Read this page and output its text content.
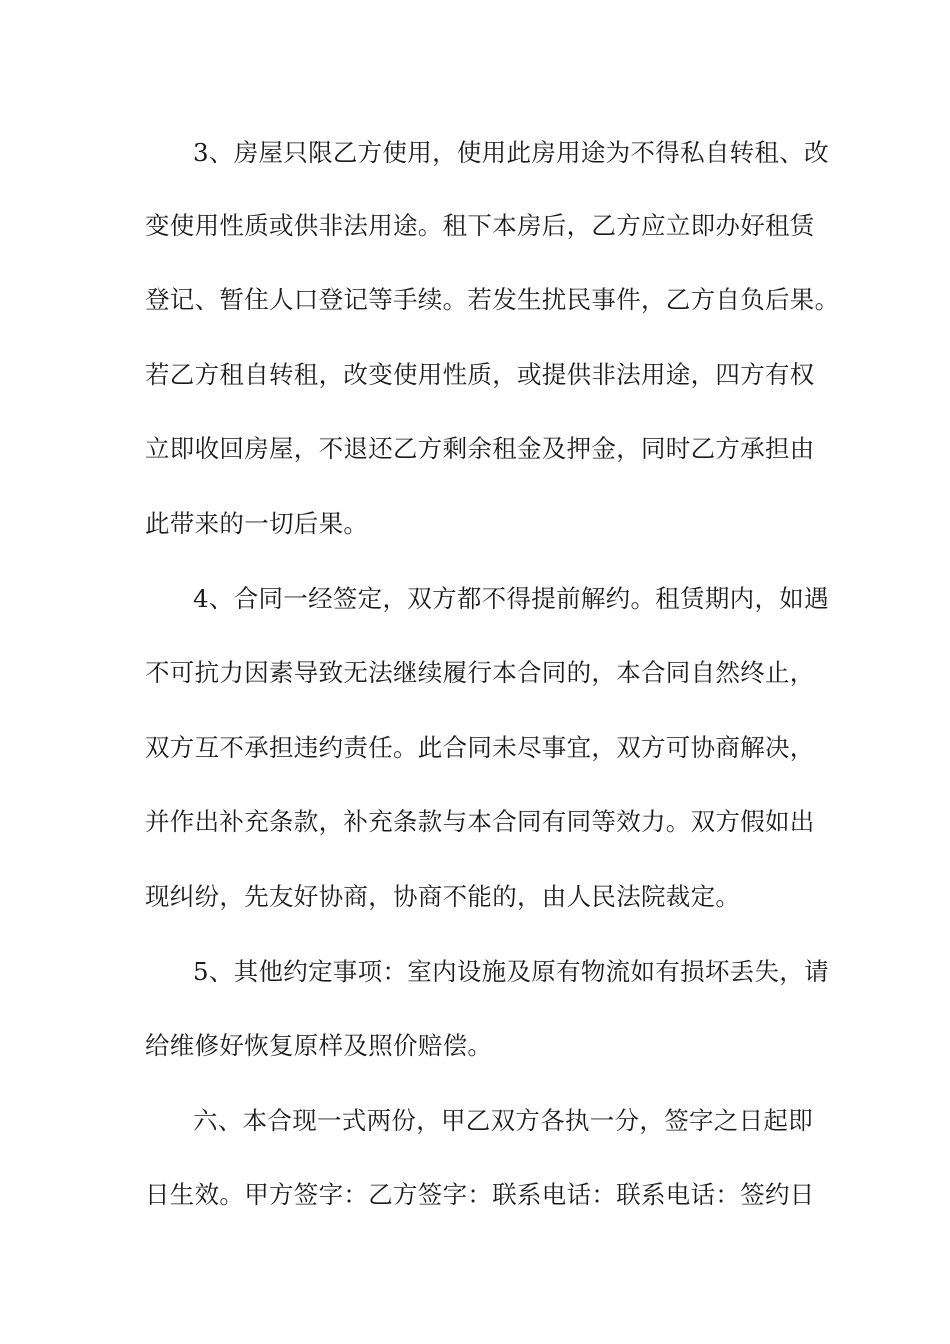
3、房屋只限乙方使用，使用此房用途为不得私自转租、改
变使用性质或供非法用途。租下本房后，乙方应立即办好租赁
登记、暂住人口登记等手续。若发生扰民事件，乙方自负后果。
若乙方租自转租，改变使用性质，或提供非法用途，四方有权
立即收回房屋，不退还乙方剩余租金及押金，同时乙方承担由
此带来的一切后果。
4、合同一经签定，双方都不得提前解约。租赁期内，如遇
不可抗力因素导致无法继续履行本合同的，本合同自然终止，
双方互不承担违约责任。此合同未尽事宜，双方可协商解决，
并作出补充条款，补充条款与本合同有同等效力。双方假如出
现纠纷，先友好协商，协商不能的，由人民法院裁定。
5、其他约定事项：室内设施及原有物流如有损坏丢失，请
给维修好恢复原样及照价赔偿。
六、本合现一式两份，甲乙双方各执一分，签字之日起即
日生效。甲方签字：乙方签字：联系电话：联系电话：签约日
